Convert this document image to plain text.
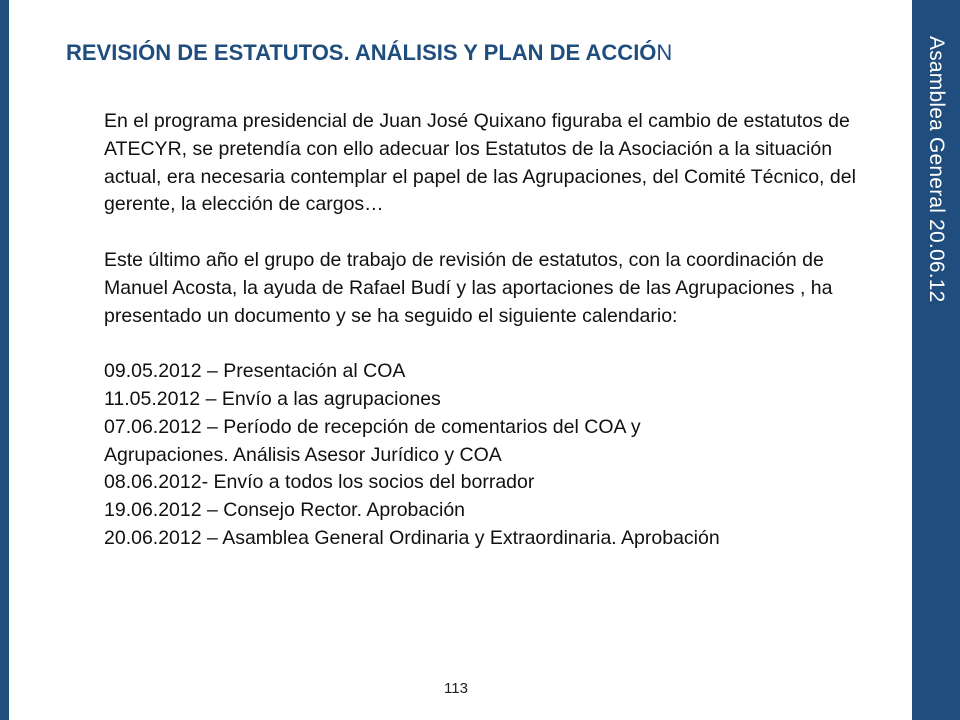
Asamblea General 20.06.12
REVISIÓN DE ESTATUTOS. ANÁLISIS Y PLAN DE ACCIÓN

En el programa presidencial de Juan José Quixano figuraba el cambio de estatutos de ATECYR, se pretendía con ello adecuar los Estatutos de la Asociación a la situación actual, era necesaria contemplar el papel de las Agrupaciones, del Comité Técnico, del gerente, la elección de cargos…

Este último año el grupo de trabajo de revisión de estatutos, con la coordinación de Manuel Acosta, la ayuda de Rafael Budí y las aportaciones de las Agrupaciones , ha presentado un documento y se ha seguido el siguiente calendario:

09.05.2012 – Presentación al COA
11.05.2012 – Envío a las agrupaciones
07.06.2012 – Período de recepción de comentarios del COA y
Agrupaciones. Análisis Asesor Jurídico y COA
08.06.2012- Envío a todos los socios del borrador
19.06.2012 – Consejo Rector. Aprobación
20.06.2012 – Asamblea General Ordinaria y Extraordinaria. Aprobación
113
